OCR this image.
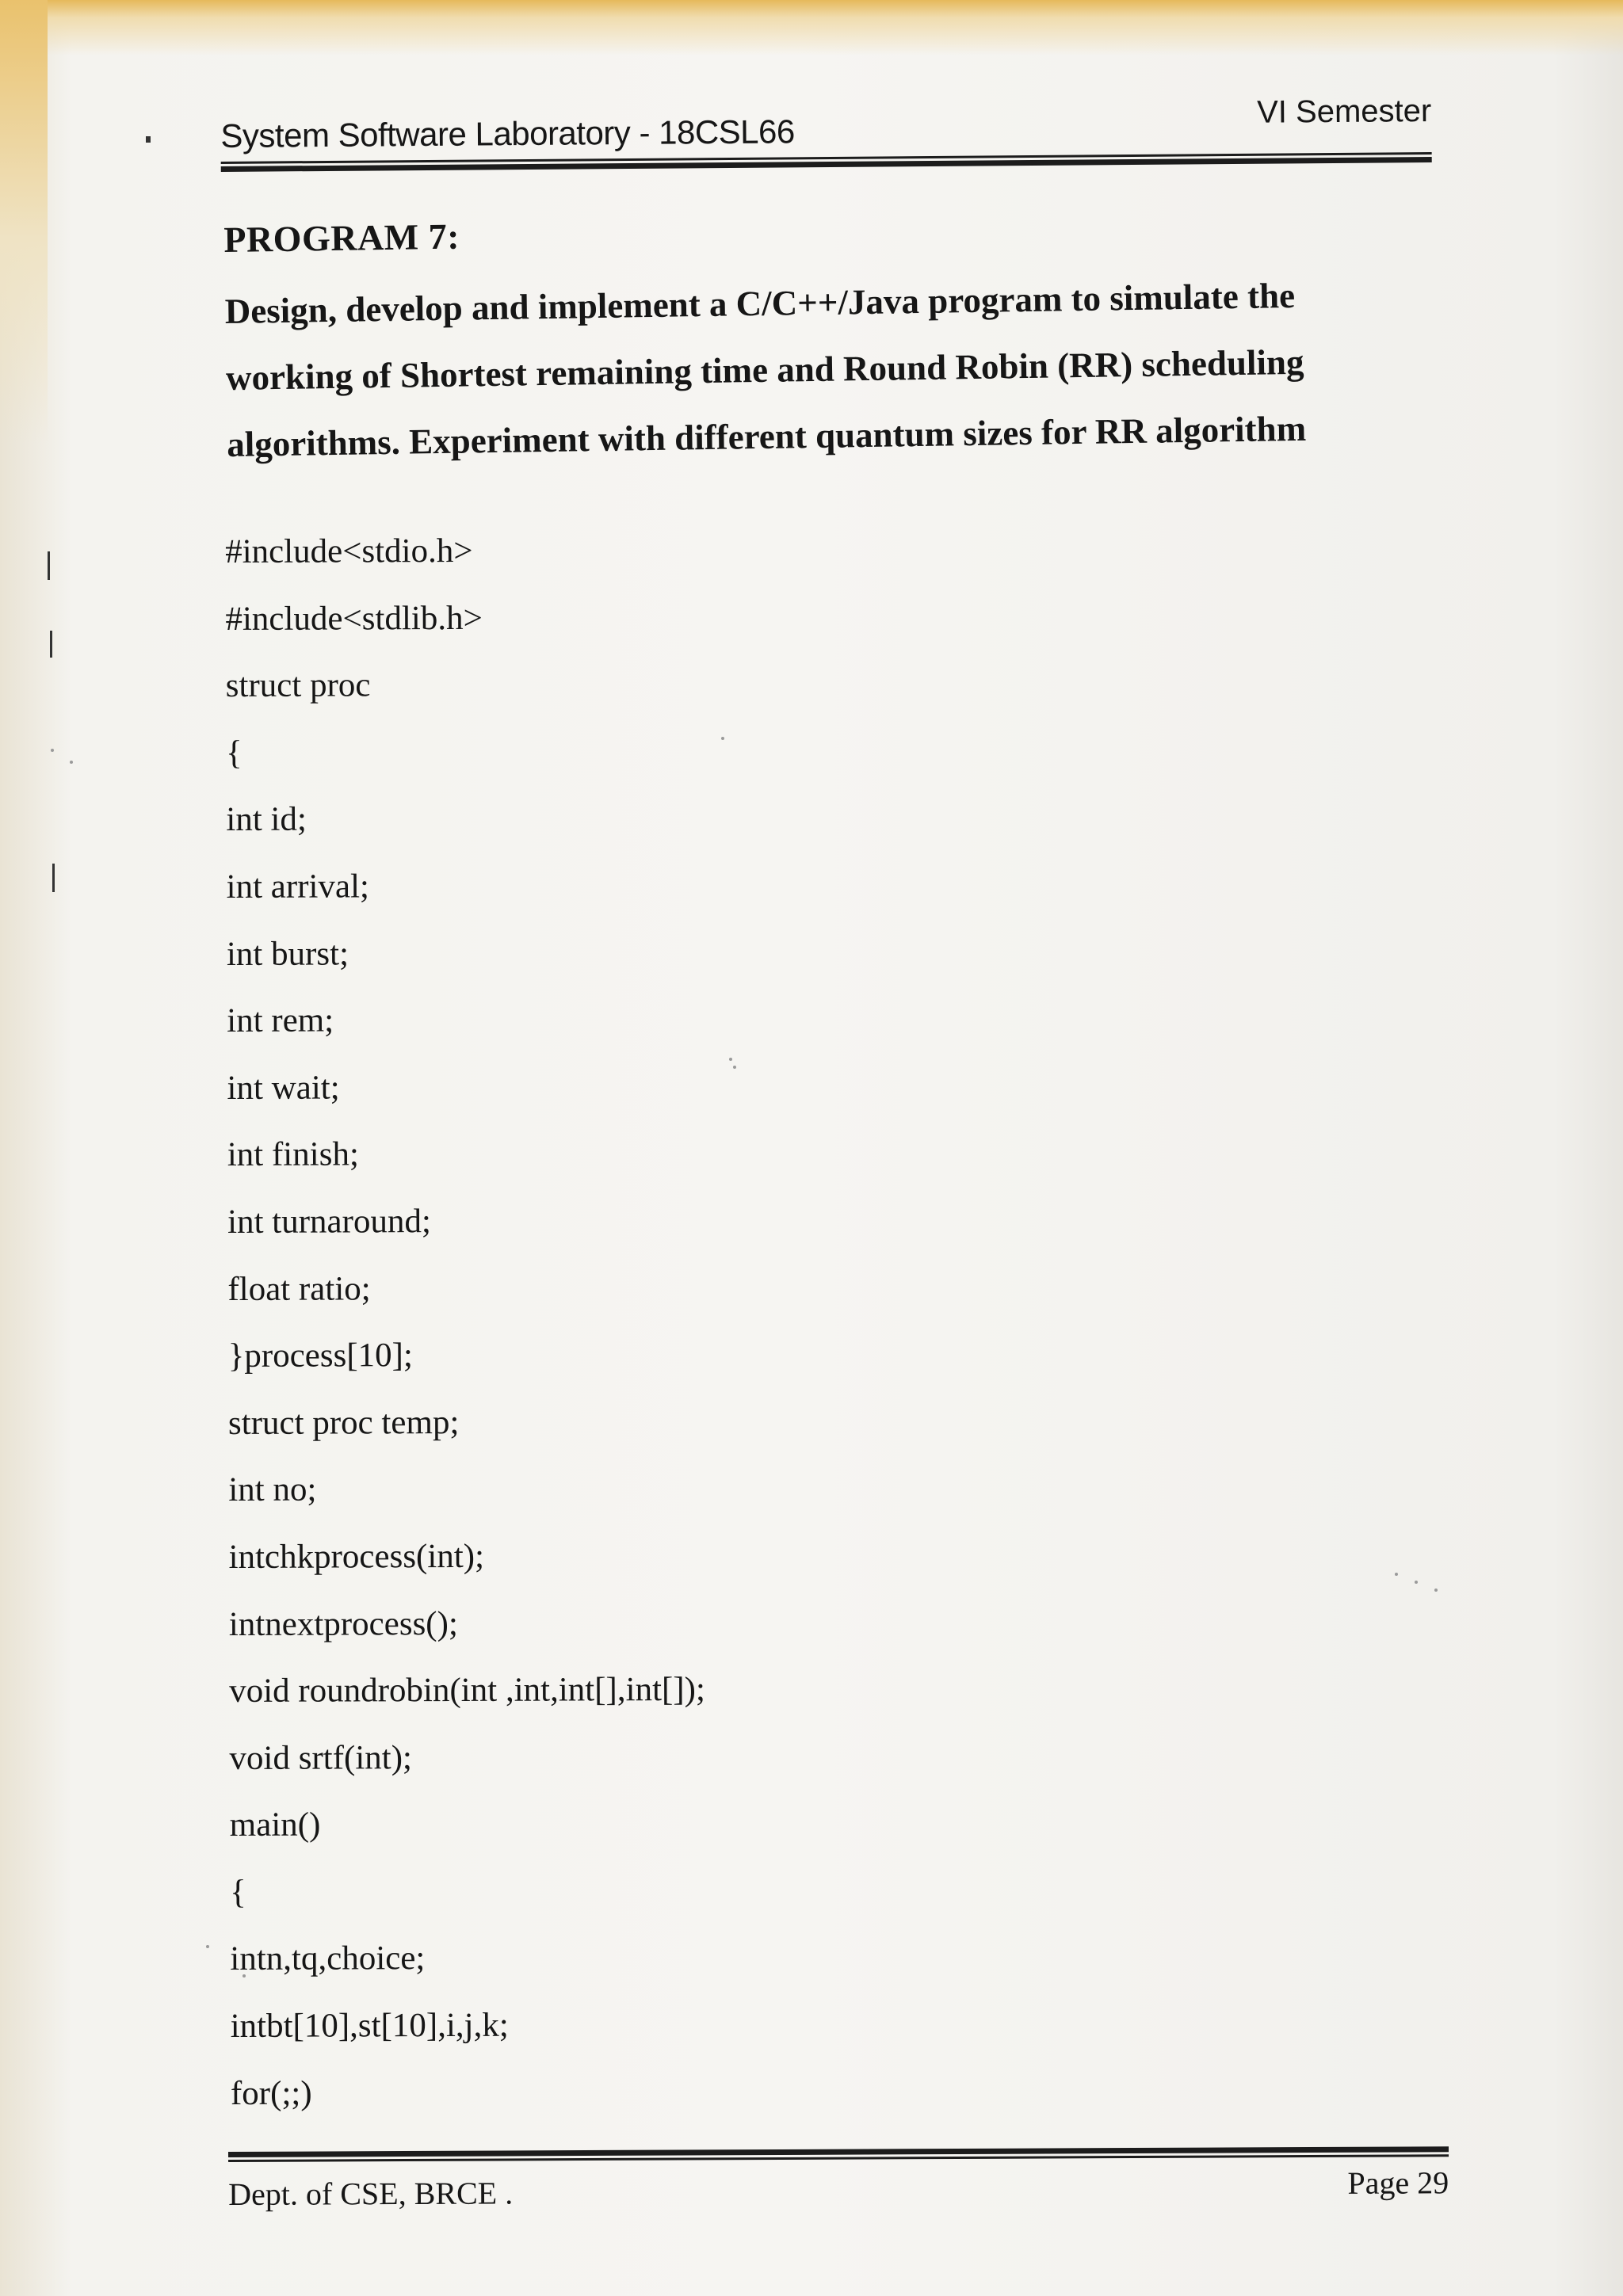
System Software Laboratory - 18CSL66
VI Semester
PROGRAM 7:

Design, develop and implement a C/C++/Java program to simulate the

working of Shortest remaining time and Round Robin (RR) scheduling

algorithms. Experiment with different quantum sizes for RR algorithm

#include<stdio.h>
#include<stdlib.h>
struct proc
{
int id;
int arrival;
int burst;
int rem;
int wait;
int finish;
int turnaround;
float ratio;
}process[10];
struct proc temp;
int no;
intchkprocess(int);
intnextprocess();
void roundrobin(int ,int,int[],int[]);
void srtf(int);
main()
{
intn,tq,choice;
intbt[10],st[10],i,j,k;
for(;;)
Dept. of CSE, BRCE .	Page 29
